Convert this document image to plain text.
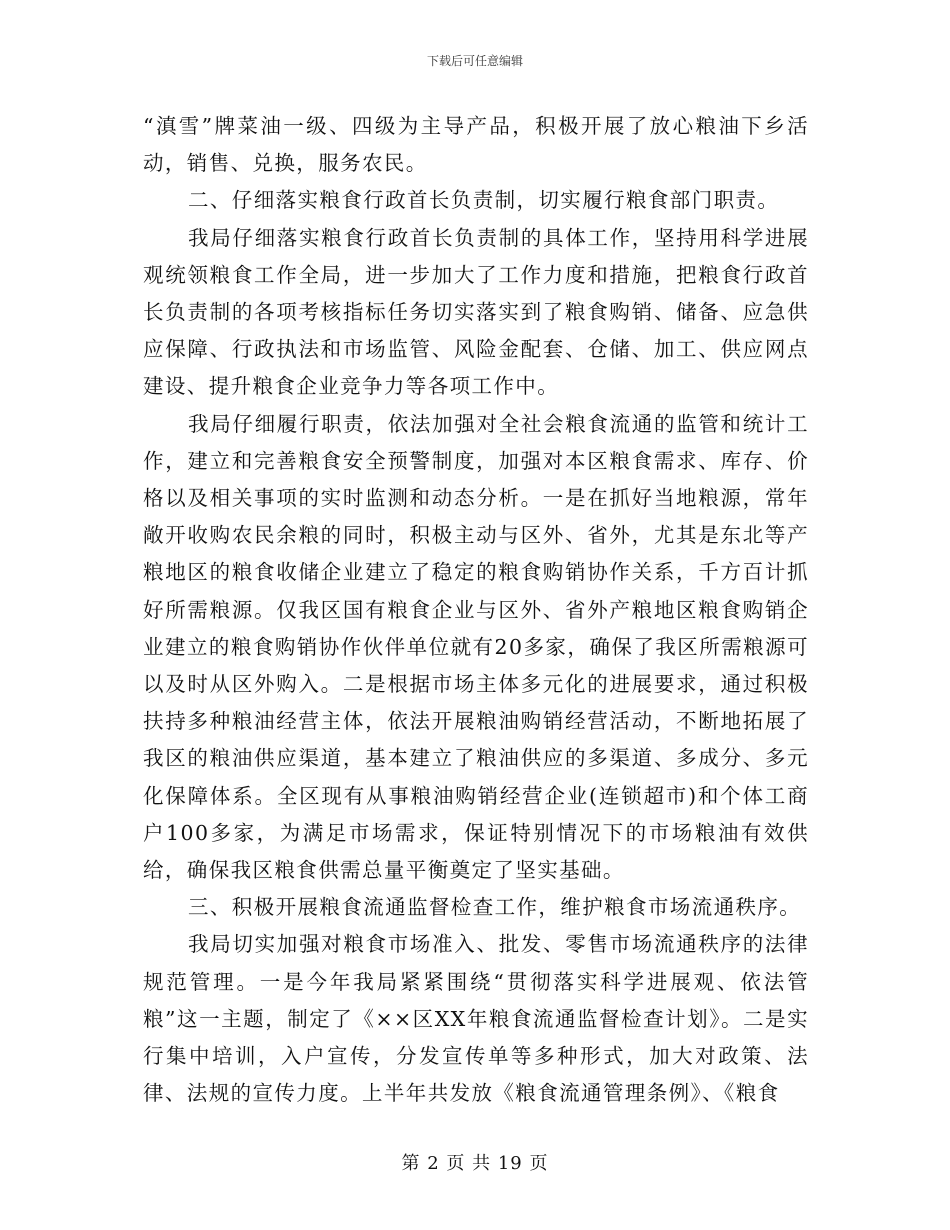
下载后可任意编辑

“滇雪”牌菜油一级、四级为主导产品，积极开展了放心粮油下乡活动，销售、兑换，服务农民。

二、仔细落实粮食行政首长负责制，切实履行粮食部门职责。

我局仔细落实粮食行政首长负责制的具体工作，坚持用科学进展观统领粮食工作全局，进一步加大了工作力度和措施，把粮食行政首长负责制的各项考核指标任务切实落实到了粮食购销、储备、应急供应保障、行政执法和市场监管、风险金配套、仓储、加工、供应网点建设、提升粮食企业竞争力等各项工作中。

我局仔细履行职责，依法加强对全社会粮食流通的监管和统计工作，建立和完善粮食安全预警制度，加强对本区粮食需求、库存、价格以及相关事项的实时监测和动态分析。一是在抓好当地粮源，常年敞开收购农民余粮的同时，积极主动与区外、省外，尤其是东北等产粮地区的粮食收储企业建立了稳定的粮食购销协作关系，千方百计抓好所需粮源。仅我区国有粮食企业与区外、省外产粮地区粮食购销企业建立的粮食购销协作伙伴单位就有20多家，确保了我区所需粮源可以及时从区外购入。二是根据市场主体多元化的进展要求，通过积极扶持多种粮油经营主体，依法开展粮油购销经营活动，不断地拓展了我区的粮油供应渠道，基本建立了粮油供应的多渠道、多成分、多元化保障体系。全区现有从事粮油购销经营企业(连锁超市)和个体工商户100多家，为满足市场需求，保证特别情况下的市场粮油有效供给，确保我区粮食供需总量平衡奠定了坚实基础。

三、积极开展粮食流通监督检查工作，维护粮食市场流通秩序。

我局切实加强对粮食市场准入、批发、零售市场流通秩序的法律规范管理。一是今年我局紧紧围绕“贯彻落实科学进展观、依法管粮”这一主题，制定了《××区XX年粮食流通监督检查计划》。二是实行集中培训，入户宣传，分发宣传单等多种形式，加大对政策、法律、法规的宣传力度。上半年共发放《粮食流通管理条例》、《粮食

第 2 页 共 19 页
